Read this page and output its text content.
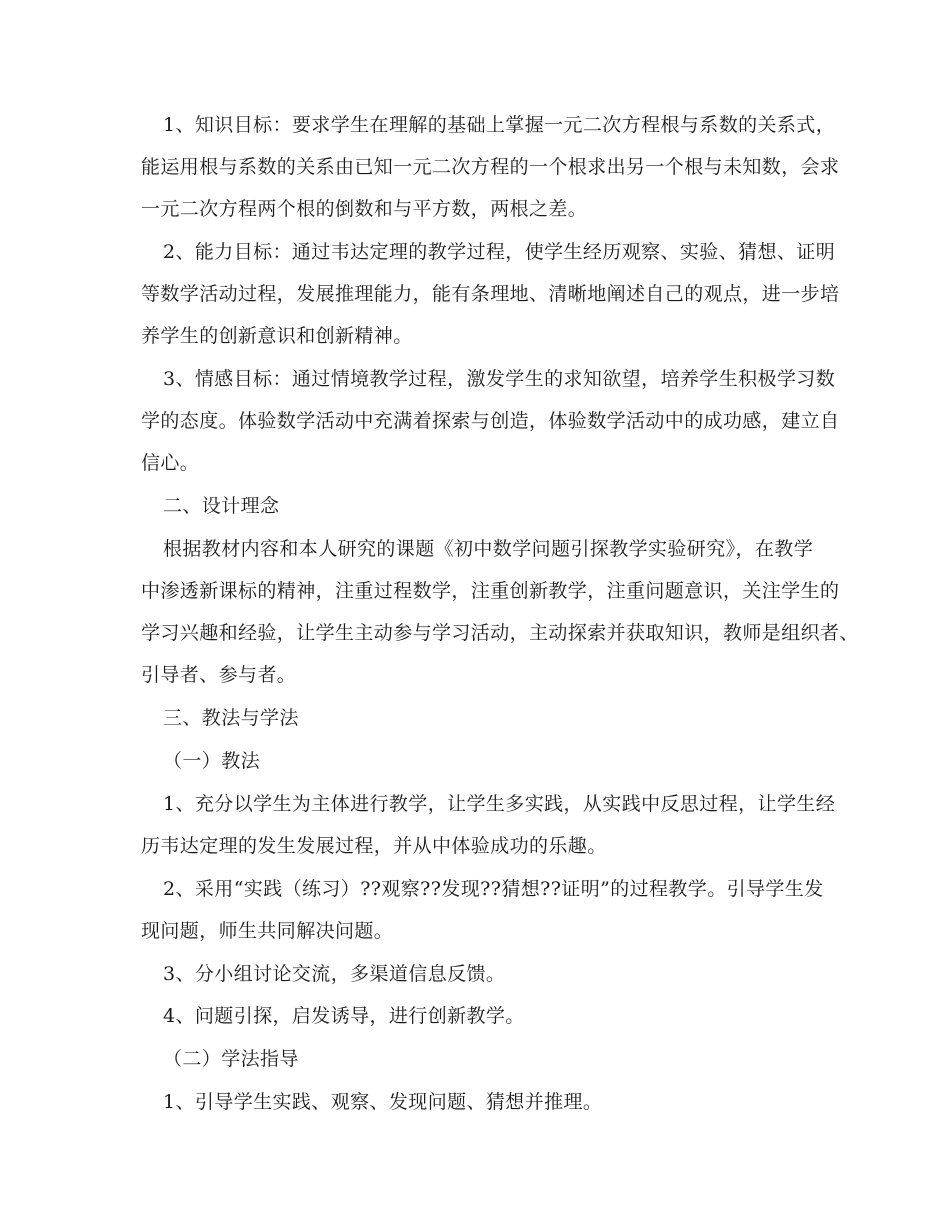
1、知识目标：要求学生在理解的基础上掌握一元二次方程根与系数的关系式，
能运用根与系数的关系由已知一元二次方程的一个根求出另一个根与未知数，会求
一元二次方程两个根的倒数和与平方数，两根之差。
2、能力目标：通过韦达定理的教学过程，使学生经历观察、实验、猜想、证明
等数学活动过程，发展推理能力，能有条理地、清晰地阐述自己的观点，进一步培
养学生的创新意识和创新精神。
3、情感目标：通过情境教学过程，激发学生的求知欲望，培养学生积极学习数
学的态度。体验数学活动中充满着探索与创造，体验数学活动中的成功感，建立自
信心。
二、设计理念
根据教材内容和本人研究的课题《初中数学问题引探教学实验研究》，在教学
中渗透新课标的精神，注重过程数学，注重创新教学，注重问题意识，关注学生的
学习兴趣和经验，让学生主动参与学习活动，主动探索并获取知识，教师是组织者、
引导者、参与者。
三、教法与学法
（一）教法
1、充分以学生为主体进行教学，让学生多实践，从实践中反思过程，让学生经
历韦达定理的发生发展过程，并从中体验成功的乐趣。
2、采用“实践（练习）??观察??发现??猜想??证明”的过程教学。引导学生发
现问题，师生共同解决问题。
3、分小组讨论交流，多渠道信息反馈。
4、问题引探，启发诱导，进行创新教学。
（二）学法指导
1、引导学生实践、观察、发现问题、猜想并推理。
